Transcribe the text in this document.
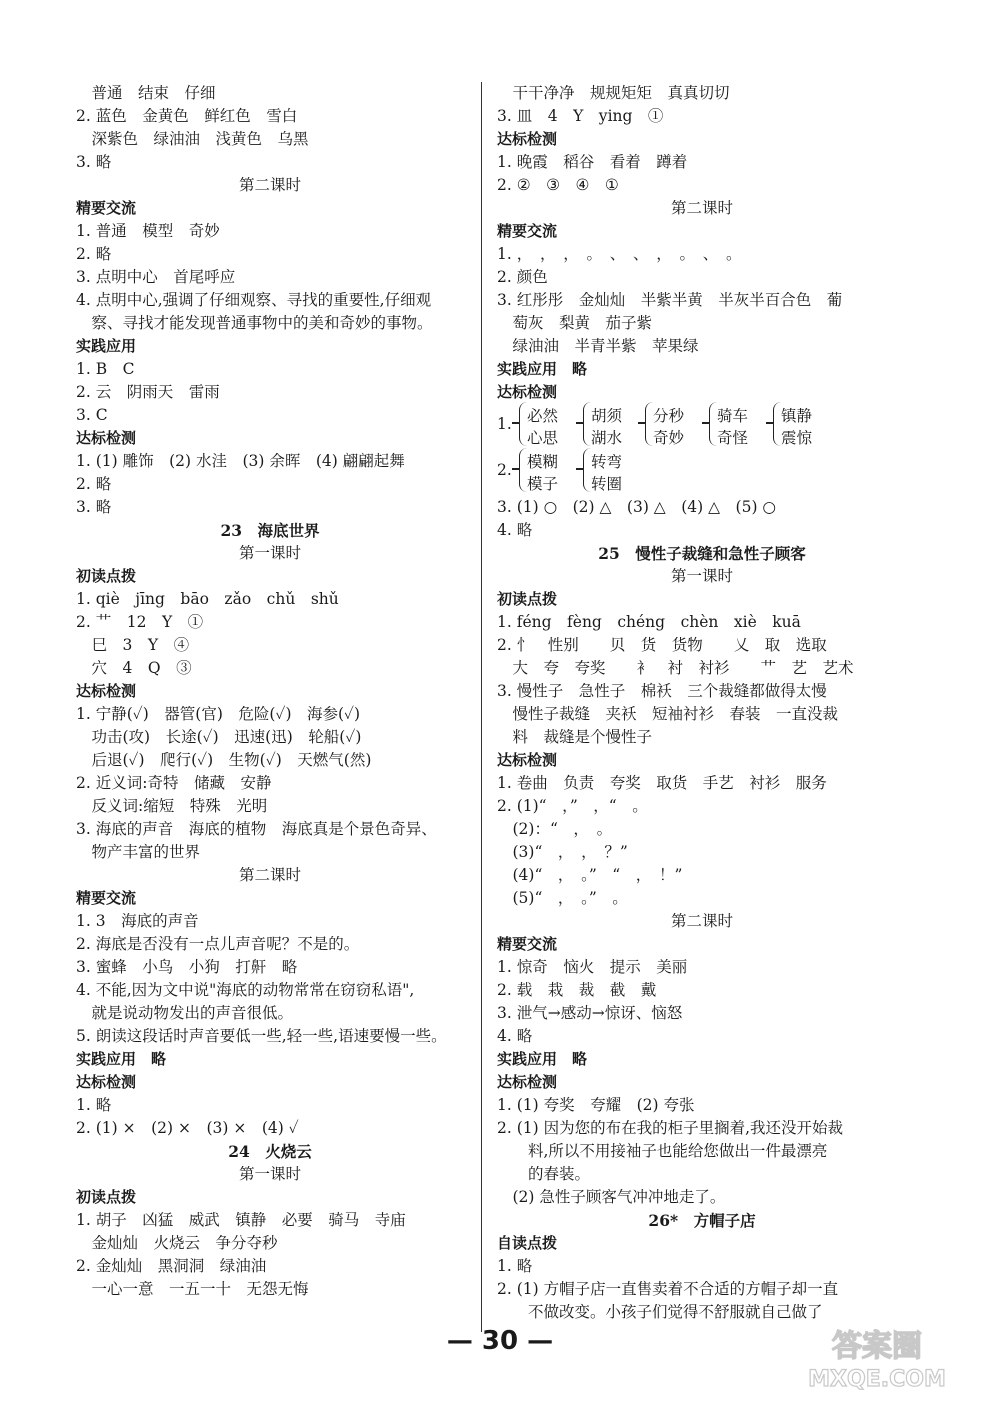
　普通　结束　仔细
2. 蓝色　金黄色　鲜红色　雪白
　深紫色　绿油油　浅黄色　乌黑
3. 略
第二课时
精要交流
1. 普通　模型　奇妙
2. 略
3. 点明中心　首尾呼应
4. 点明中心,强调了仔细观察、寻找的重要性,仔细观
　察、寻找才能发现普通事物中的美和奇妙的事物。
实践应用
1. B　C
2. 云　阴雨天　雷雨
3. C
达标检测
1. (1) 雕饰　(2) 水洼　(3) 余晖　(4) 翩翩起舞
2. 略
3. 略
23　海底世界
第一课时
初读点拨
1. qiè　jīng　bāo　zǎo　chǔ　shǔ
2. 艹　12　Y　①
　巳　3　Y　④
　穴　4　Q　③
达标检测
1. 宁静(✓)　器管(官)　危险(✓)　海参(✓)
　功击(攻)　长途(✓)　迅速(迅)　轮船(✓)
　后退(✓)　爬行(✓)　生物(✓)　天燃气(然)
2. 近义词:奇特　储藏　安静
　反义词:缩短　特殊　光明
3. 海底的声音　海底的植物　海底真是个景色奇异、
　物产丰富的世界
第二课时
精要交流
1. 3　海底的声音
2. 海底是否没有一点儿声音呢？不是的。
3. 蜜蜂　小鸟　小狗　打鼾　略
4. 不能,因为文中说"海底的动物常常在窃窃私语",
　就是说动物发出的声音很低。
5. 朗读这段话时声音要低一些,轻一些,语速要慢一些。
实践应用　略
达标检测
1. 略
2. (1) ×　(2) ×　(3) ×　(4) ✓
24　火烧云
第一课时
初读点拨
1. 胡子　凶猛　威武　镇静　必要　骑马　寺庙
　金灿灿　火烧云　争分夺秒
2. 金灿灿　黑洞洞　绿油油
　一心一意　一五一十　无怨无悔
　干干净净　规规矩矩　真真切切
3. 皿　4　Y　ying　①
达标检测
1. 晚霞　稻谷　看着　蹲着
2. ②　③　④　①
第二课时
精要交流
1. ，　，　，　。　、　、　，　。　、　。
2. 颜色
3. 红彤彤　金灿灿　半紫半黄　半灰半百合色　葡
　萄灰　梨黄　茄子紫
　绿油油　半青半紫　苹果绿
实践应用　略
达标检测
1. 必然
心思
胡须
湖水
分秒
奇妙
骑车
奇怪
镇静
震惊
2. 模糊
模子
转弯
转圈
3. (1) ○　(2) △　(3) △　(4) △　(5) ○
4. 略
25　慢性子裁缝和急性子顾客
第一课时
初读点拨
1. féng　fèng　chéng　chèn　xiè　kuā
2. 忄　性别　　贝　货　货物　　乂　取　选取
　大　夸　夸奖　　衤　衬　衬衫　　艹　艺　艺术
3. 慢性子　急性子　棉袄　三个裁缝都做得太慢
　慢性子裁缝　夹袄　短袖衬衫　春装　一直没裁
　料　裁缝是个慢性子
达标检测
1. 卷曲　负责　夸奖　取货　手艺　衬衫　服务
2. (1)“　，”　，“　。
　(2)：“　，　。
　(3)“　，　，　？”
　(4)“　，　。”　“　，　！”
　(5)“　，　。”　。
第二课时
精要交流
1. 惊奇　恼火　提示　美丽
2. 载　栽　裁　截　戴
3. 泄气→感动→惊讶、恼怒
4. 略
实践应用　略
达标检测
1. (1) 夸奖　夸耀　(2) 夸张
2. (1) 因为您的布在我的柜子里搁着,我还没开始裁
　　料,所以不用接袖子也能给您做出一件最漂亮
　　的春装。
　(2) 急性子顾客气冲冲地走了。
26*　方帽子店
自读点拨
1. 略
2. (1) 方帽子店一直售卖着不合适的方帽子却一直
　　不做改变。小孩子们觉得不舒服就自己做了
— 30 —	答案圈
MXQE.COM
